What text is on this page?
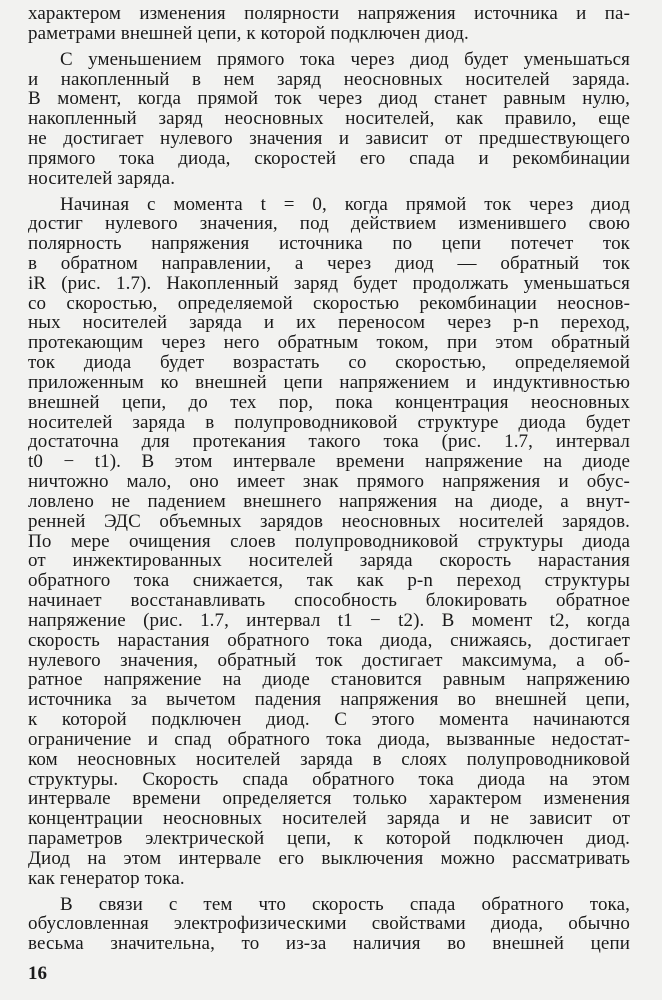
характером изменения полярности напряжения источника и па-
раметрами внешней цепи, к которой подключен диод.
С уменьшением прямого тока через диод будет уменьшаться
и накопленный в нем заряд неосновных носителей заряда.
В момент, когда прямой ток через диод станет равным нулю,
накопленный заряд неосновных носителей, как правило, еще
не достигает нулевого значения и зависит от предшествующего
прямого тока диода, скоростей его спада и рекомбинации
носителей заряда.
Начиная с момента t = 0, когда прямой ток через диод
достиг нулевого значения, под действием изменившего свою
полярность напряжения источника по цепи потечет ток
в обратном направлении, а через диод — обратный ток
iR (рис. 1.7). Накопленный заряд будет продолжать уменьшаться
со скоростью, определяемой скоростью рекомбинации неоснов-
ных носителей заряда и их переносом через p-n переход,
протекающим через него обратным током, при этом обратный
ток диода будет возрастать со скоростью, определяемой
приложенным ко внешней цепи напряжением и индуктивностью
внешней цепи, до тех пор, пока концентрация неосновных
носителей заряда в полупроводниковой структуре диода будет
достаточна для протекания такого тока (рис. 1.7, интервал
t0 − t1). В этом интервале времени напряжение на диоде
ничтожно мало, оно имеет знак прямого напряжения и обус-
ловлено не падением внешнего напряжения на диоде, а внут-
ренней ЭДС объемных зарядов неосновных носителей зарядов.
По мере очищения слоев полупроводниковой структуры диода
от инжектированных носителей заряда скорость нарастания
обратного тока снижается, так как p-n переход структуры
начинает восстанавливать способность блокировать обратное
напряжение (рис. 1.7, интервал t1 − t2). В момент t2, когда
скорость нарастания обратного тока диода, снижаясь, достигает
нулевого значения, обратный ток достигает максимума, а об-
ратное напряжение на диоде становится равным напряжению
источника за вычетом падения напряжения во внешней цепи,
к которой подключен диод. С этого момента начинаются
ограничение и спад обратного тока диода, вызванные недостат-
ком неосновных носителей заряда в слоях полупроводниковой
структуры. Скорость спада обратного тока диода на этом
интервале времени определяется только характером изменения
концентрации неосновных носителей заряда и не зависит от
параметров электрической цепи, к которой подключен диод.
Диод на этом интервале его выключения можно рассматривать
как генератор тока.
В связи с тем что скорость спада обратного тока,
обусловленная электрофизическими свойствами диода, обычно
весьма значительна, то из-за наличия во внешней цепи
16
